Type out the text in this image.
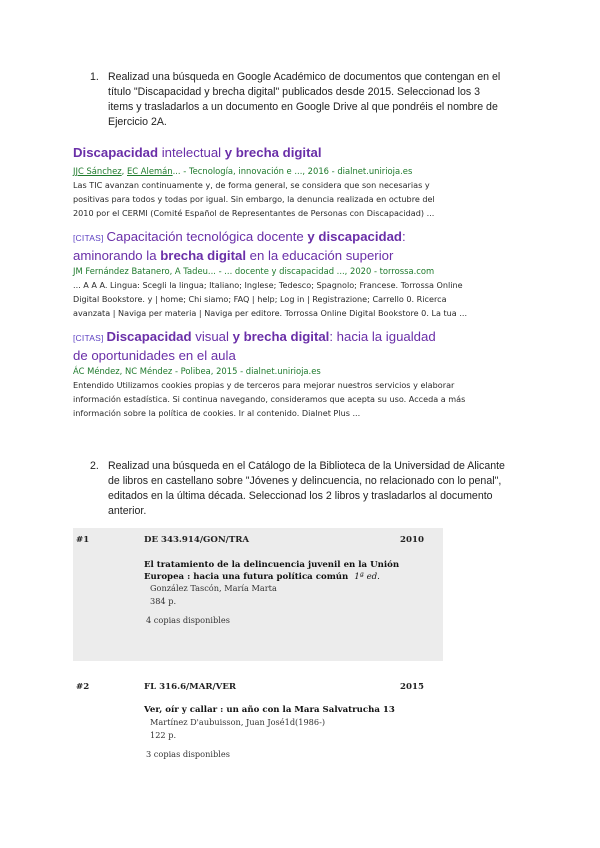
1. Realizad una búsqueda en Google Académico de documentos que contengan en el
título "Discapacidad y brecha digital" publicados desde 2015. Seleccionad los 3
items y trasladarlos a un documento en Google Drive al que pondréis el nombre de
Ejercicio 2A.
Discapacidad intelectual y brecha digital
JJC Sánchez, EC Alemán... - Tecnología, innovación e ..., 2016 - dialnet.unirioja.es
Las TIC avanzan continuamente y, de forma general, se considera que son necesarias y
positivas para todos y todas por igual. Sin embargo, la denuncia realizada en octubre del
2010 por el CERMI (Comité Español de Representantes de Personas con Discapacidad) ...
[CITAS] Capacitación tecnológica docente y discapacidad:
aminorando la brecha digital en la educación superior
JM Fernández Batanero, A Tadeu... - ... docente y discapacidad ..., 2020 - torrossa.com
... A A A. Lingua: Scegli la lingua; Italiano; Inglese; Tedesco; Spagnolo; Francese. Torrossa Online
Digital Bookstore. y | home; Chi siamo; FAQ | help; Log in | Registrazione; Carrello 0. Ricerca
avanzata | Naviga per materia | Naviga per editore. Torrossa Online Digital Bookstore 0. La tua ...
[CITAS] Discapacidad visual y brecha digital: hacia la igualdad
de oportunidades en el aula
ÁC Méndez, NC Méndez - Polibea, 2015 - dialnet.unirioja.es
Entendido Utilizamos cookies propias y de terceros para mejorar nuestros servicios y elaborar
información estadística. Si continua navegando, consideramos que acepta su uso. Acceda a más
información sobre la política de cookies. Ir al contenido. Dialnet Plus ...
2. Realizad una búsqueda en el Catálogo de la Biblioteca de la Universidad de Alicante
de libros en castellano sobre "Jóvenes y delincuencia, no relacionado con lo penal",
editados en la última década. Seleccionad los 2 libros y trasladarlos al documento
anterior.
#1	DE 343.914/GON/TRA	2010
El tratamiento de la delincuencia juvenil en la Unión
Europea : hacia una futura política común 1ª ed.
González Tascón, María Marta
384 p.
4 copias disponibles
#2	FL 316.6/MAR/VER	2015
Ver, oír y callar : un año con la Mara Salvatrucha 13
Martínez D'aubuisson, Juan José1d(1986-)
122 p.
3 copias disponibles
